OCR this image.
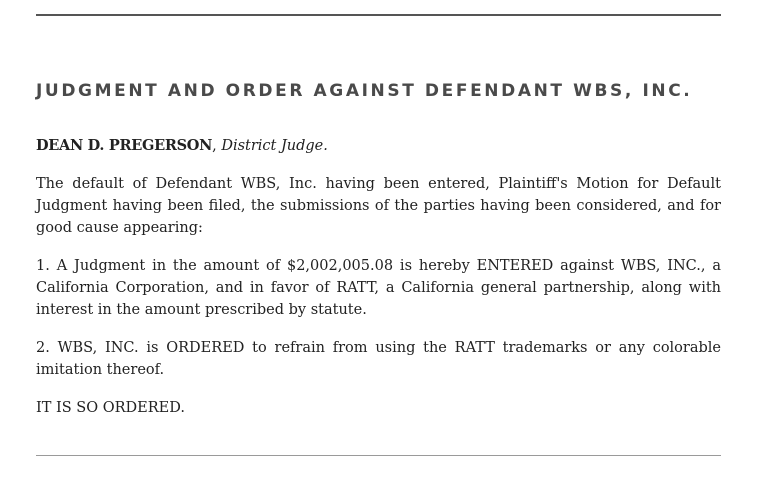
JUDGMENT AND ORDER AGAINST DEFENDANT WBS, INC.

DEAN D. PREGERSON, District Judge.

The default of Defendant WBS, Inc. having been entered, Plaintiff's Motion for Default Judgment having been filed, the submissions of the parties having been considered, and for good cause appearing:

1. A Judgment in the amount of $2,002,005.08 is hereby ENTERED against WBS, INC., a California Corporation, and in favor of RATT, a California general partnership, along with interest in the amount prescribed by statute.

2. WBS, INC. is ORDERED to refrain from using the RATT trademarks or any colorable imitation thereof.

IT IS SO ORDERED.
